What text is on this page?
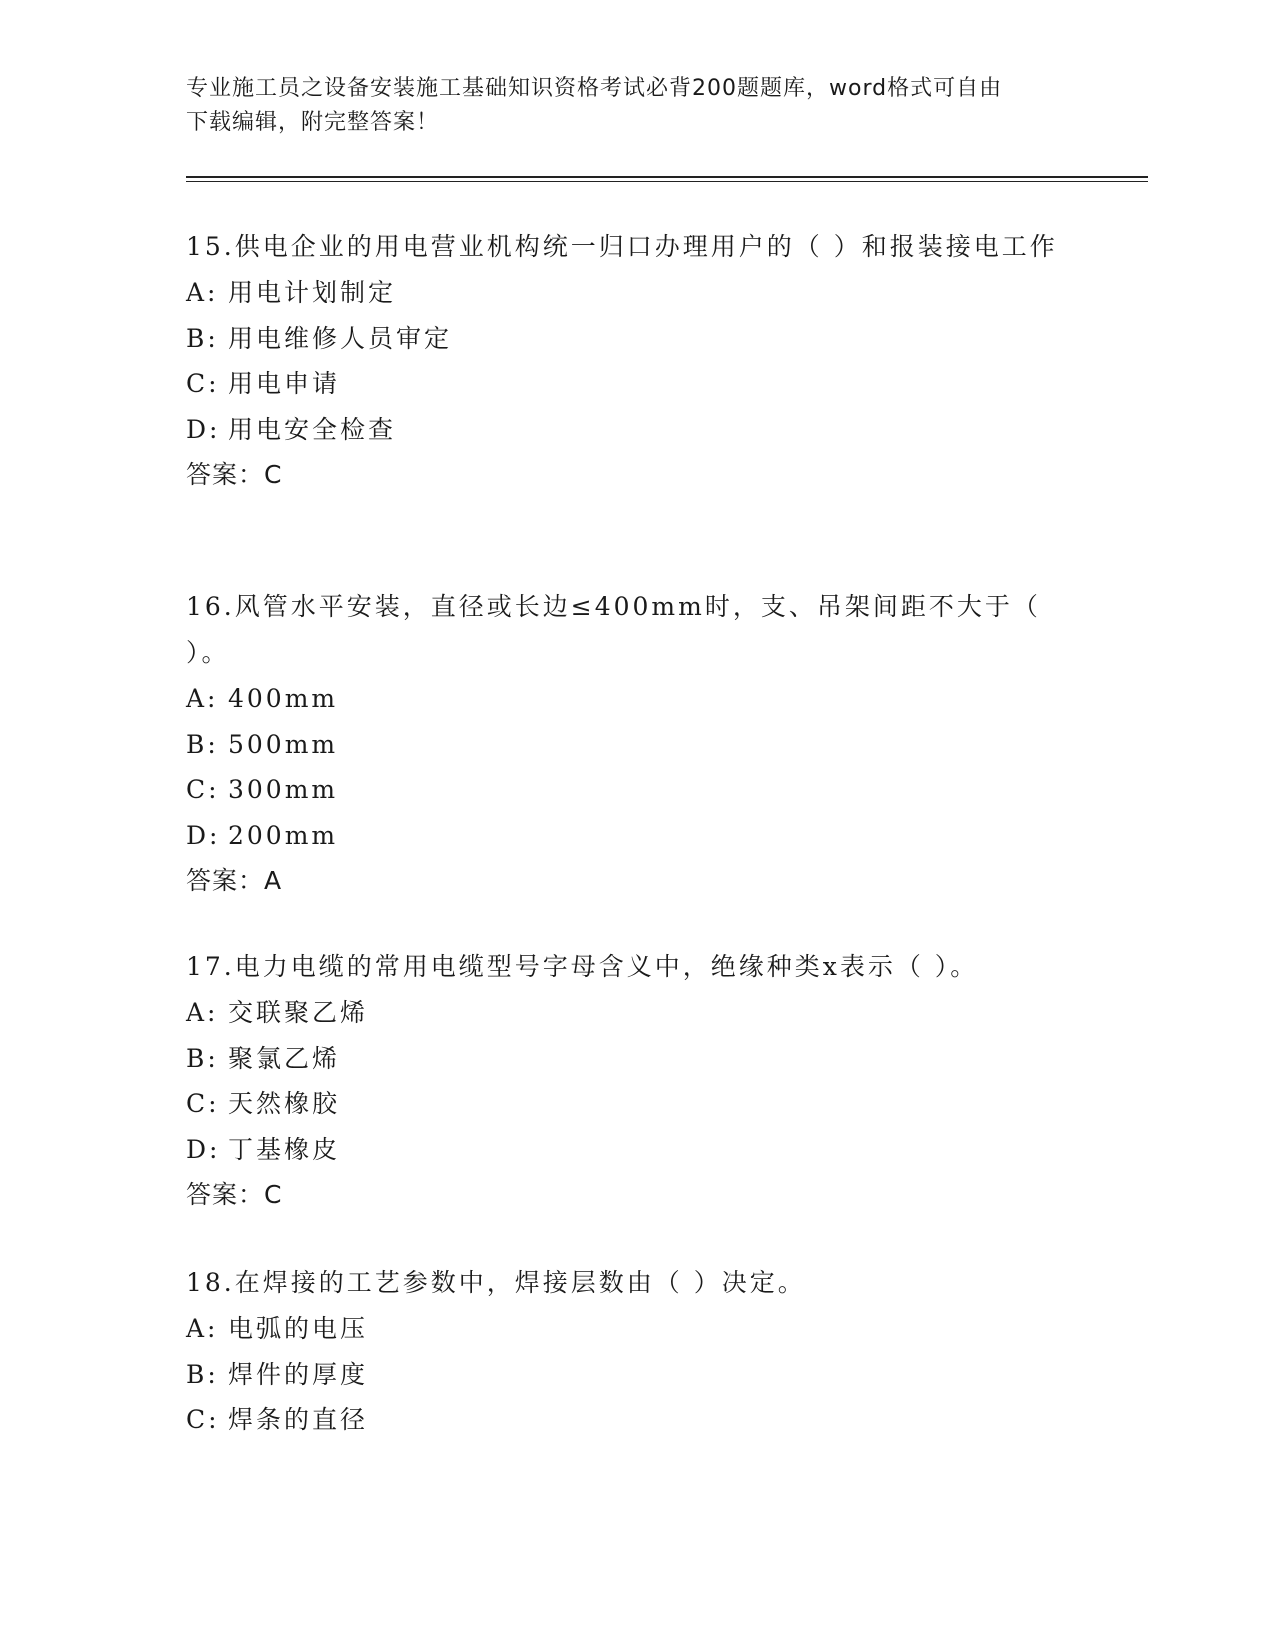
专业施工员之设备安装施工基础知识资格考试必背200题题库，word格式可自由
下载编辑，附完整答案！
15.供电企业的用电营业机构统一归口办理用户的（ ）和报装接电工作
A: 用电计划制定
B: 用电维修人员审定
C: 用电申请
D: 用电安全检查
答案：C
16.风管水平安装，直径或长边≤400mm时，支、吊架间距不大于（ ）。
A: 400mm
B: 500mm
C: 300mm
D: 200mm
答案：A
17.电力电缆的常用电缆型号字母含义中，绝缘种类x表示（ ）。
A: 交联聚乙烯
B: 聚氯乙烯
C: 天然橡胶
D: 丁基橡皮
答案：C
18.在焊接的工艺参数中，焊接层数由（ ）决定。
A: 电弧的电压
B: 焊件的厚度
C: 焊条的直径
